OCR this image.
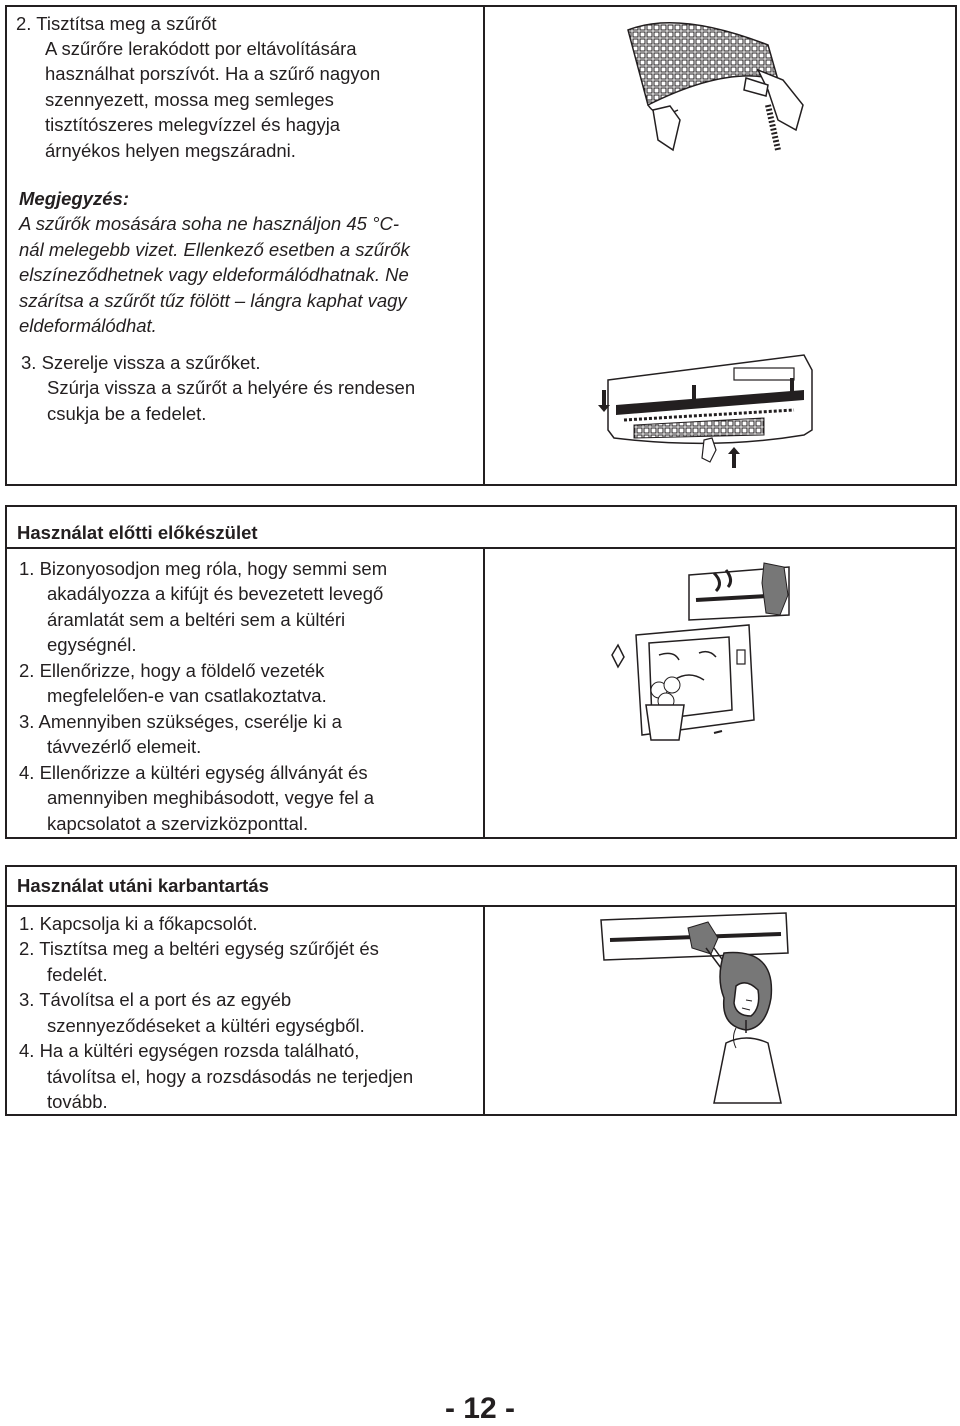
2. Tisztítsa meg a szűrőt
A szűrőre lerakódott por eltávolítására
használhat porszívót. Ha a szűrő nagyon
szennyezett, mossa meg semleges
tisztítószeres melegvízzel és hagyja
árnyékos helyen megszáradni.
Megjegyzés:
A szűrők mosására soha ne használjon 45 °C-
nál melegebb vizet. Ellenkező esetben a szűrők
elszíneződhetnek vagy eldeformálódhatnak. Ne
szárítsa a szűrőt tűz fölött – lángra kaphat vagy
eldeformálódhat.
3. Szerelje vissza a szűrőket.
Szúrja vissza a szűrőt a helyére és rendesen
csukja be a fedelet.
Használat előtti előkészület
1. Bizonyosodjon meg róla, hogy semmi sem
akadályozza a kifújt és bevezetett levegő
áramlatát sem a beltéri sem a kültéri
egységnél.
2. Ellenőrizze, hogy a földelő vezeték
megfelelően-e van csatlakoztatva.
3. Amennyiben szükséges, cserélje ki a
távvezérlő elemeit.
4. Ellenőrizze a kültéri egység állványát és
amennyiben meghibásodott, vegye fel a
kapcsolatot a szervizközponttal.
Használat utáni karbantartás
1. Kapcsolja ki a főkapcsolót.
2. Tisztítsa meg a beltéri egység szűrőjét és
fedelét.
3. Távolítsa el a port és az egyéb
szennyeződéseket a kültéri egységből.
4. Ha a kültéri egységen rozsda található,
távolítsa el, hogy a rozsdásodás ne terjedjen
tovább.
- 12 -
